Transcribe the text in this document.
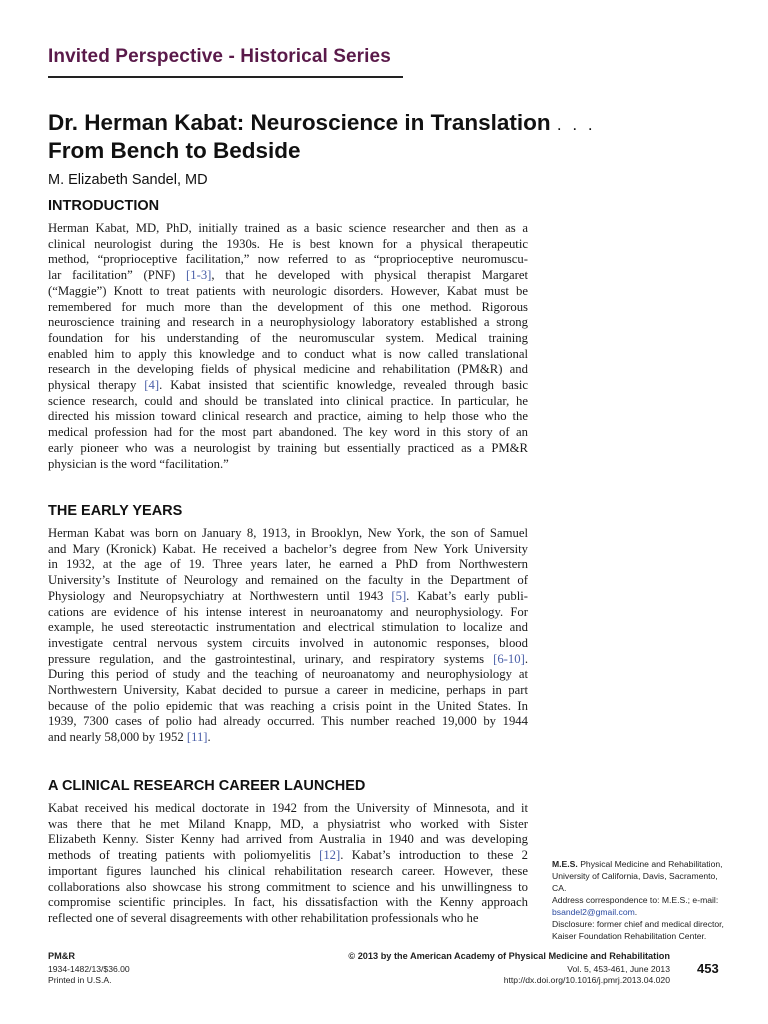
Invited Perspective - Historical Series
Dr. Herman Kabat: Neuroscience in Translation . . .
From Bench to Bedside
M. Elizabeth Sandel, MD
INTRODUCTION
Herman Kabat, MD, PhD, initially trained as a basic science researcher and then as a
clinical neurologist during the 1930s. He is best known for a physical therapeutic
method, “proprioceptive facilitation,” now referred to as “proprioceptive neuromuscu-
lar facilitation” (PNF) [1-3], that he developed with physical therapist Margaret
(“Maggie”) Knott to treat patients with neurologic disorders. However, Kabat must be
remembered for much more than the development of this one method. Rigorous
neuroscience training and research in a neurophysiology laboratory established a strong
foundation for his understanding of the neuromuscular system. Medical training
enabled him to apply this knowledge and to conduct what is now called translational
research in the developing fields of physical medicine and rehabilitation (PM&R) and
physical therapy [4]. Kabat insisted that scientific knowledge, revealed through basic
science research, could and should be translated into clinical practice. In particular, he
directed his mission toward clinical research and practice, aiming to help those who the
medical profession had for the most part abandoned. The key word in this story of an
early pioneer who was a neurologist by training but essentially practiced as a PM&R
physician is the word “facilitation.”
THE EARLY YEARS
Herman Kabat was born on January 8, 1913, in Brooklyn, New York, the son of Samuel
and Mary (Kronick) Kabat. He received a bachelor’s degree from New York University
in 1932, at the age of 19. Three years later, he earned a PhD from Northwestern
University’s Institute of Neurology and remained on the faculty in the Department of
Physiology and Neuropsychiatry at Northwestern until 1943 [5]. Kabat’s early publi-
cations are evidence of his intense interest in neuroanatomy and neurophysiology. For
example, he used stereotactic instrumentation and electrical stimulation to localize and
investigate central nervous system circuits involved in autonomic responses, blood
pressure regulation, and the gastrointestinal, urinary, and respiratory systems [6-10].
During this period of study and the teaching of neuroanatomy and neurophysiology at
Northwestern University, Kabat decided to pursue a career in medicine, perhaps in part
because of the polio epidemic that was reaching a crisis point in the United States. In
1939, 7300 cases of polio had already occurred. This number reached 19,000 by 1944
and nearly 58,000 by 1952 [11].
A CLINICAL RESEARCH CAREER LAUNCHED
Kabat received his medical doctorate in 1942 from the University of Minnesota, and it
was there that he met Miland Knapp, MD, a physiatrist who worked with Sister
Elizabeth Kenny. Sister Kenny had arrived from Australia in 1940 and was developing
methods of treating patients with poliomyelitis [12]. Kabat’s introduction to these 2
important figures launched his clinical rehabilitation research career. However, these
collaborations also showcase his strong commitment to science and his unwillingness to
compromise scientific principles. In fact, his dissatisfaction with the Kenny approach
reflected one of several disagreements with other rehabilitation professionals who he
M.E.S. Physical Medicine and Rehabilitation,
University of California, Davis, Sacramento, CA.
Address correspondence to: M.E.S.; e-mail:
bsandel2@gmail.com.
Disclosure: former chief and medical director,
Kaiser Foundation Rehabilitation Center.
PM&R
1934-1482/13/$36.00
Printed in U.S.A.
© 2013 by the American Academy of Physical Medicine and Rehabilitation
Vol. 5, 453-461, June 2013
http://dx.doi.org/10.1016/j.pmrj.2013.04.020
453
